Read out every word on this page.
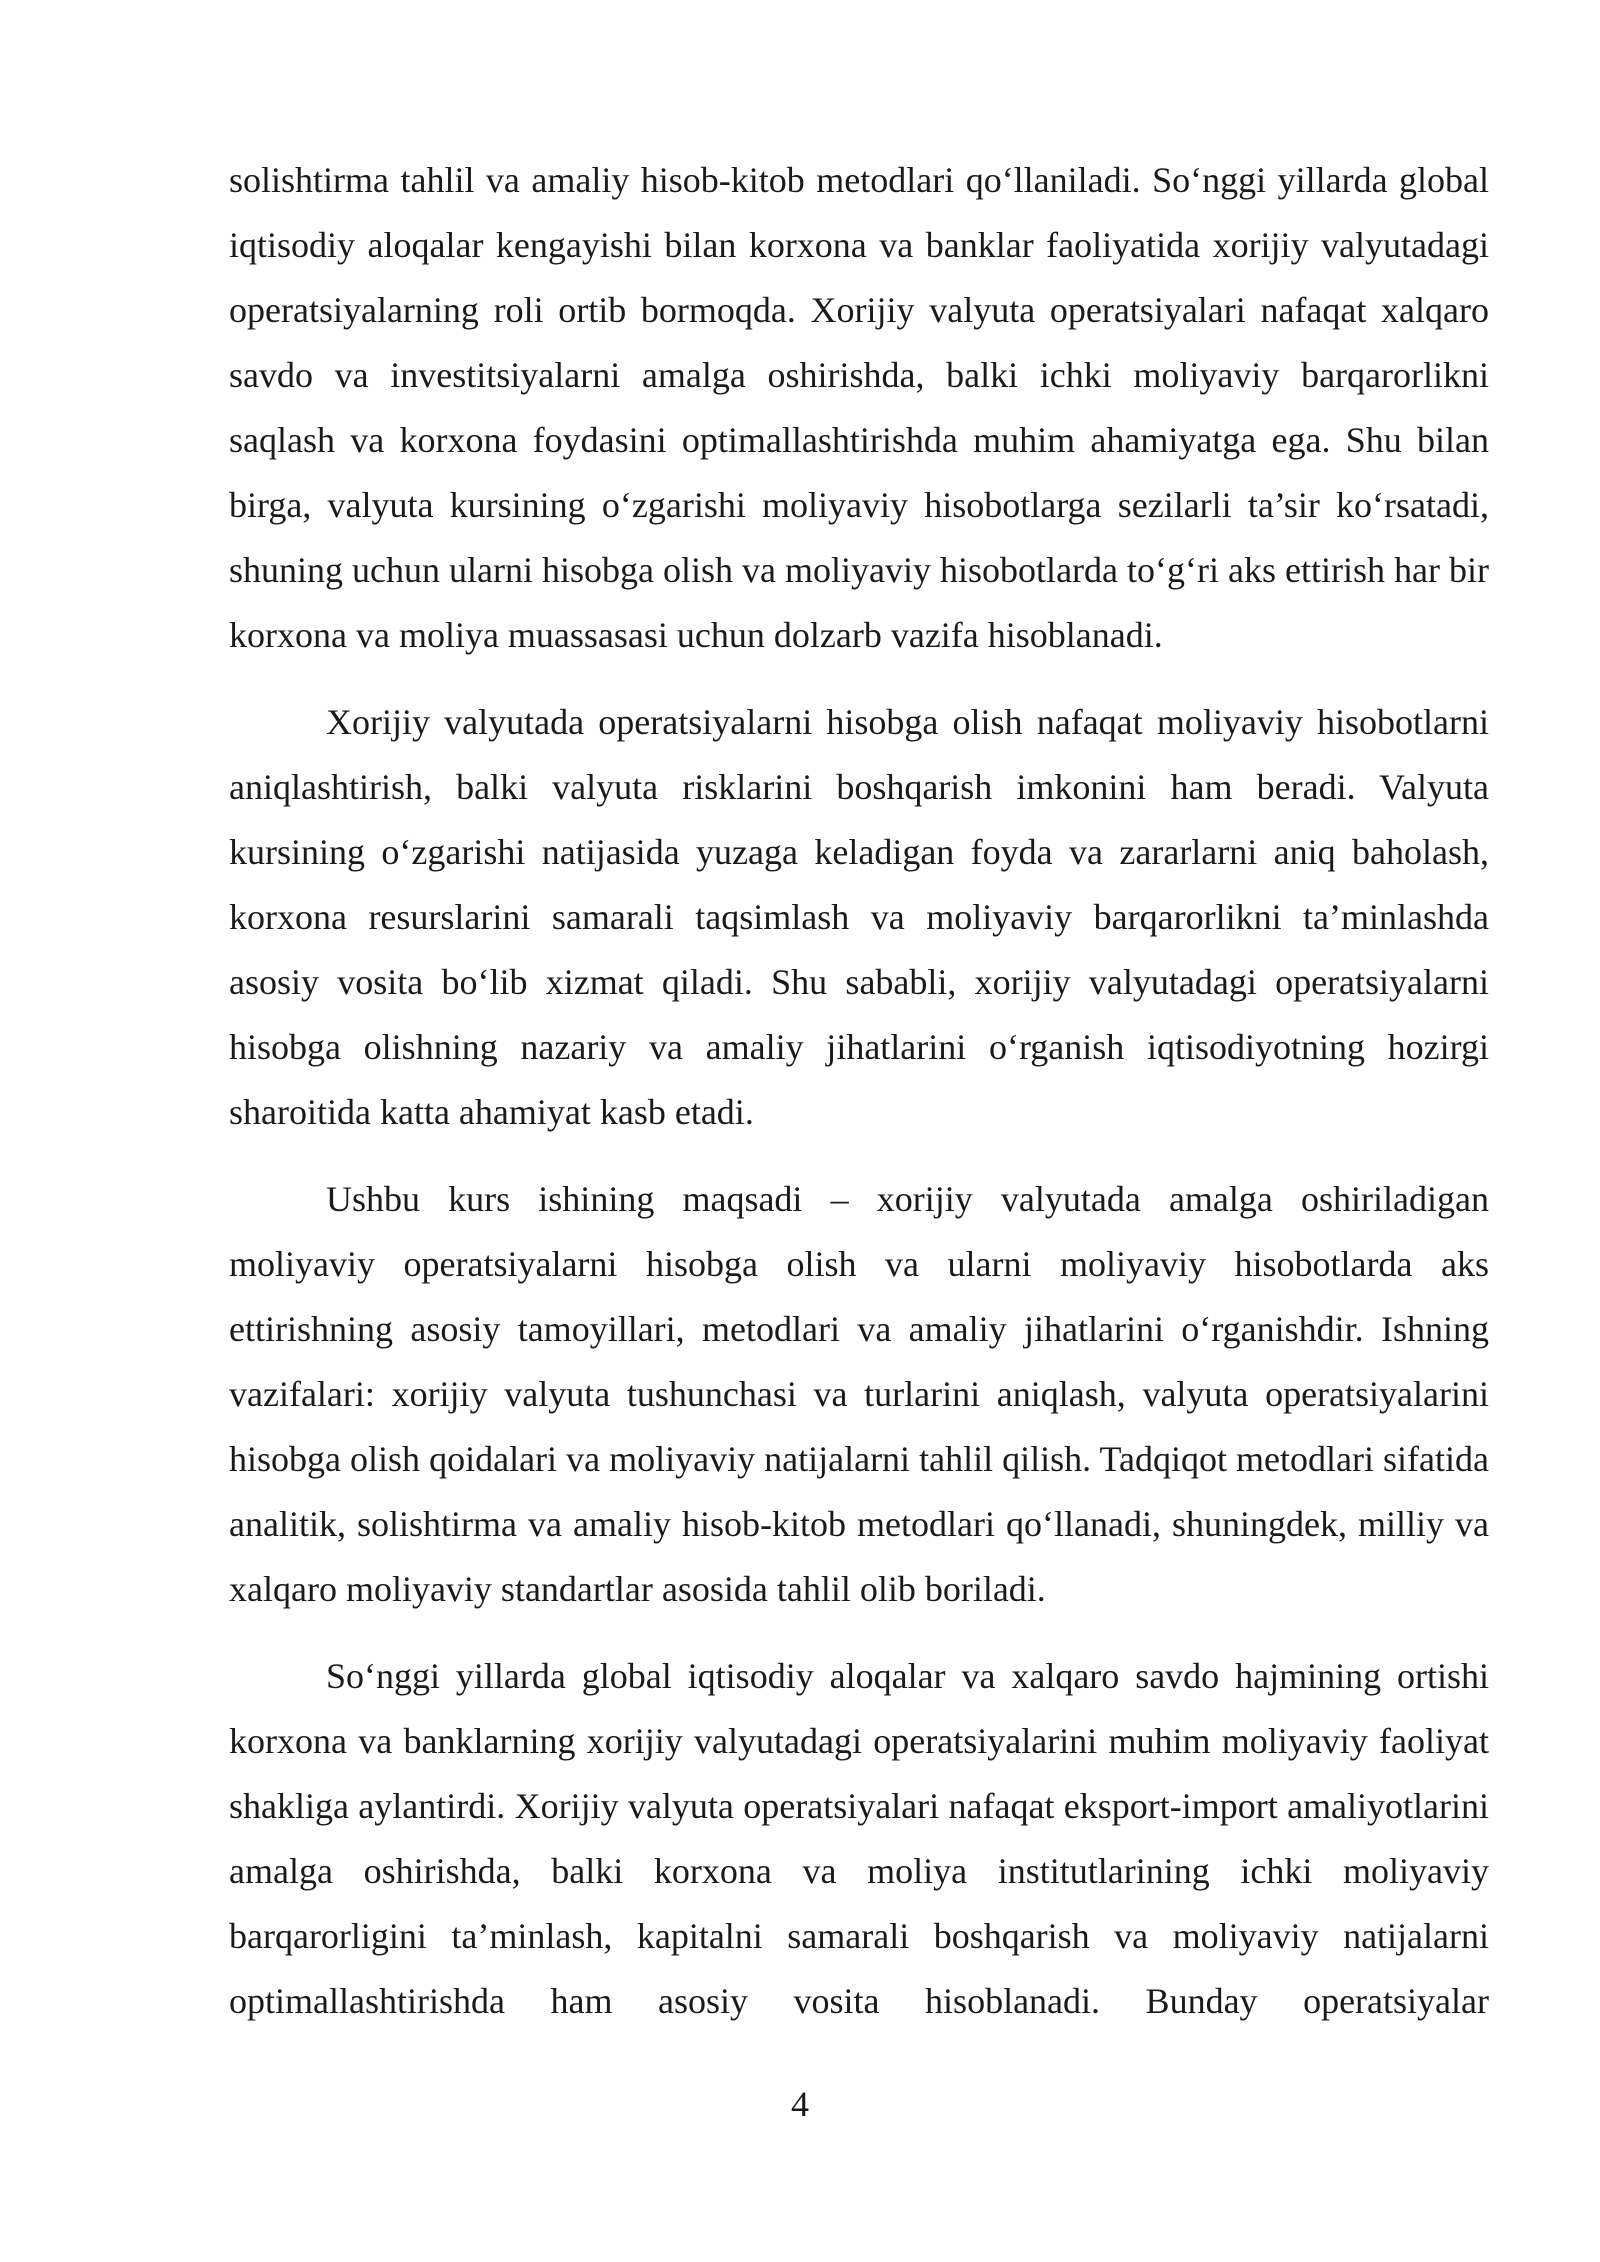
solishtirma tahlil va amaliy hisob-kitob metodlari qo‘llaniladi. So‘nggi yillarda global iqtisodiy aloqalar kengayishi bilan korxona va banklar faoliyatida xorijiy valyutadagi operatsiyalarning roli ortib bormoqda. Xorijiy valyuta operatsiyalari nafaqat xalqaro savdo va investitsiyalarni amalga oshirishda, balki ichki moliyaviy barqarorlikni saqlash va korxona foydasini optimallashtirishda muhim ahamiyatga ega. Shu bilan birga, valyuta kursining o‘zgarishi moliyaviy hisobotlarga sezilarli ta’sir ko‘rsatadi, shuning uchun ularni hisobga olish va moliyaviy hisobotlarda to‘g‘ri aks ettirish har bir korxona va moliya muassasasi uchun dolzarb vazifa hisoblanadi.

Xorijiy valyutada operatsiyalarni hisobga olish nafaqat moliyaviy hisobotlarni aniqlashtirish, balki valyuta risklarini boshqarish imkonini ham beradi. Valyuta kursining o‘zgarishi natijasida yuzaga keladigan foyda va zararlarni aniq baholash, korxona resurslarini samarali taqsimlash va moliyaviy barqarorlikni ta’minlashda asosiy vosita bo‘lib xizmat qiladi. Shu sababli, xorijiy valyutadagi operatsiyalarni hisobga olishning nazariy va amaliy jihatlarini o‘rganish iqtisodiyotning hozirgi sharoitida katta ahamiyat kasb etadi.

Ushbu kurs ishining maqsadi – xorijiy valyutada amalga oshiriladigan moliyaviy operatsiyalarni hisobga olish va ularni moliyaviy hisobotlarda aks ettirishning asosiy tamoyillari, metodlari va amaliy jihatlarini o‘rganishdir. Ishning vazifalari: xorijiy valyuta tushunchasi va turlarini aniqlash, valyuta operatsiyalarini hisobga olish qoidalari va moliyaviy natijalarni tahlil qilish. Tadqiqot metodlari sifatida analitik, solishtirma va amaliy hisob-kitob metodlari qo‘llanadi, shuningdek, milliy va xalqaro moliyaviy standartlar asosida tahlil olib boriladi.

So‘nggi yillarda global iqtisodiy aloqalar va xalqaro savdo hajmining ortishi korxona va banklarning xorijiy valyutadagi operatsiyalarini muhim moliyaviy faoliyat shakliga aylantirdi. Xorijiy valyuta operatsiyalari nafaqat eksport-import amaliyotlarini amalga oshirishda, balki korxona va moliya institutlarining ichki moliyaviy barqarorligini ta’minlash, kapitalni samarali boshqarish va moliyaviy natijalarni optimallashtirishda ham asosiy vosita hisoblanadi. Bunday operatsiyalar

4
